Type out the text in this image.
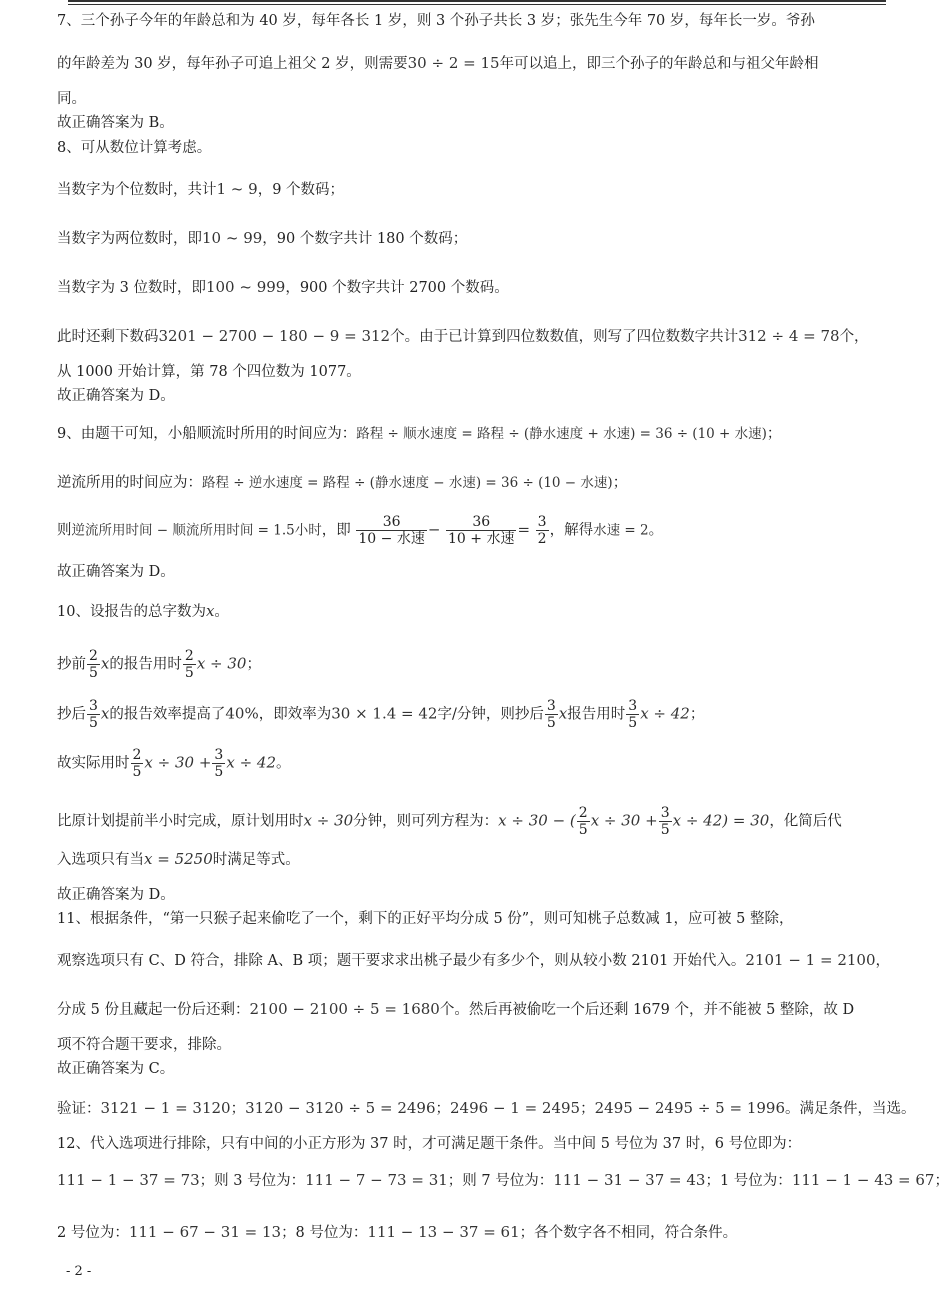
7、三个孙子今年的年龄总和为 40 岁，每年各长 1 岁，则 3 个孙子共长 3 岁；张先生今年 70 岁，每年长一岁。爷孙
的年龄差为 30 岁，每年孙子可追上祖父 2 岁，则需要30 ÷ 2 = 15年可以追上，即三个孙子的年龄总和与祖父年龄相
同。
故正确答案为 B。
8、可从数位计算考虑。
当数字为个位数时，共计1 ~ 9，9 个数码；
当数字为两位数时，即10 ~ 99，90 个数字共计 180 个数码；
当数字为 3 位数时，即100 ~ 999，900 个数字共计 2700 个数码。
此时还剩下数码3201 − 2700 − 180 − 9 = 312个。由于已计算到四位数数值，则写了四位数数字共计312 ÷ 4 = 78个，
从 1000 开始计算，第 78 个四位数为 1077。
故正确答案为 D。
9、由题干可知，小船顺流时所用的时间应为：路程 ÷ 顺水速度 = 路程 ÷ (静水速度 + 水速) = 36 ÷ (10 + 水速)；
逆流所用的时间应为：路程 ÷ 逆水速度 = 路程 ÷ (静水速度 − 水速) = 36 ÷ (10 − 水速)；
则逆流所用时间 − 顺流所用时间 = 1.5小时，即 $\frac{36}{\text{10 − 水速}} - \frac{36}{\text{10 + 水速}} = \frac{3}{2}$ ，解得水速 = 2。
故正确答案为 D。
10、设报告的总字数为x。
抄前 $\frac{2}{5}$ x的报告用时 $\frac{2}{5}$ x ÷ 30；
抄后 $\frac{3}{5}$ x的报告效率提高了40%，即效率为30 × 1.4 = 42字/分钟，则抄后 $\frac{3}{5}$ x报告用时 $\frac{3}{5}$ x ÷ 42；
故实际用时 $\frac{2}{5}$ $x \div 30 + \frac{3}{5}$ x ÷ 42。
比原计划提前半小时完成，原计划用时x ÷ 30分钟，则可列方程为：x ÷ 30 − ( $\frac{2}{5}$ $x \div 30 + \frac{3}{5}$ x ÷ 42) = 30，化简后代
入选项只有当x = 5250时满足等式。
故正确答案为 D。
11、根据条件，“第一只猴子起来偷吃了一个，剩下的正好平均分成 5 份”，则可知桃子总数减 1，应可被 5 整除，
观察选项只有 C、D 符合，排除 A、B 项；题干要求求出桃子最少有多少个，则从较小数 2101 开始代入。2101 − 1 = 2100，
分成 5 份且藏起一份后还剩：2100 − 2100 ÷ 5 = 1680个。然后再被偷吃一个后还剩 1679 个，并不能被 5 整除，故 D
项不符合题干要求，排除。
故正确答案为 C。
验证：3121 − 1 = 3120；3120 − 3120 ÷ 5 = 2496；2496 − 1 = 2495；2495 − 2495 ÷ 5 = 1996。满足条件，当选。
12、代入选项进行排除，只有中间的小正方形为 37 时，才可满足题干条件。当中间 5 号位为 37 时，6 号位即为：
111 − 1 − 37 = 73；则 3 号位为：111 − 7 − 73 = 31；则 7 号位为：111 − 31 − 37 = 43；1 号位为：111 − 1 − 43 = 67；
2 号位为：111 − 67 − 31 = 13；8 号位为：111 − 13 − 37 = 61；各个数字各不相同，符合条件。
- 2 -
